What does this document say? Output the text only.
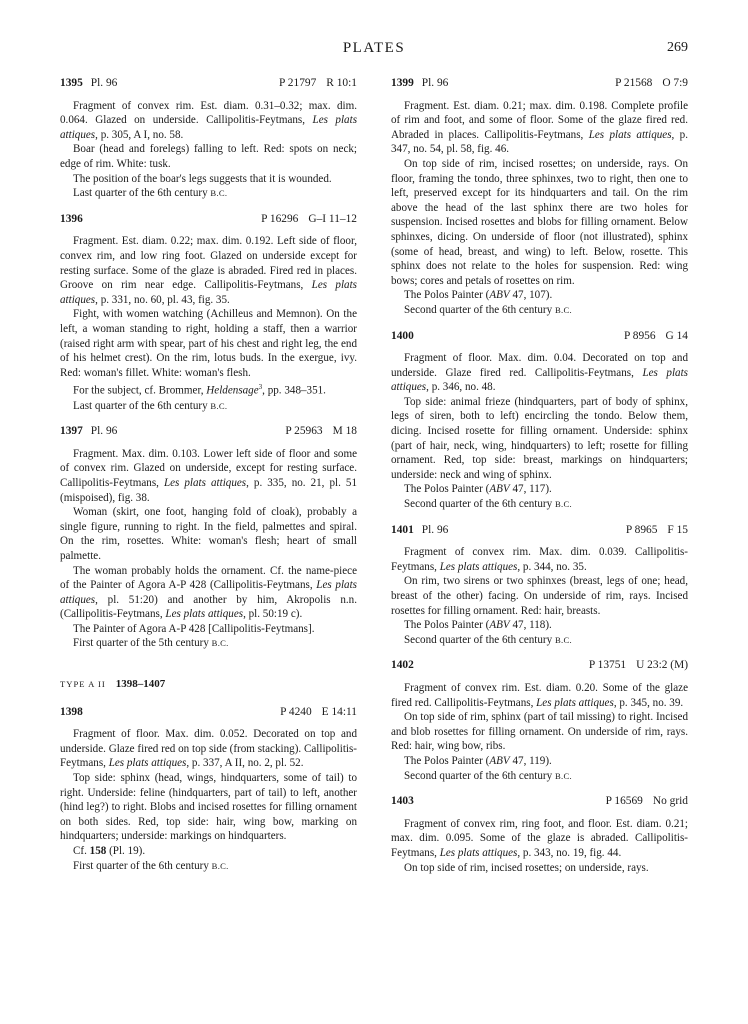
PLATES	269
1395 Pl. 96	P 21797 R 10:1

Fragment of convex rim. Est. diam. 0.31–0.32; max. dim. 0.064. Glazed on underside. Callipolitis-Feytmans, Les plats attiques, p. 305, A I, no. 58.

Boar (head and forelegs) falling to left. Red: spots on neck; edge of rim. White: tusk.

The position of the boar's legs suggests that it is wounded.

Last quarter of the 6th century B.C.

1396	P 16296 G–I 11–12

Fragment. Est. diam. 0.22; max. dim. 0.192. Left side of floor, convex rim, and low ring foot. Glazed on underside except for resting surface. Some of the glaze is abraded. Fired red in places. Groove on rim near edge. Callipolitis-Feytmans, Les plats attiques, p. 331, no. 60, pl. 43, fig. 35.

Fight, with women watching (Achilleus and Memnon). On the left, a woman standing to right, holding a staff, then a warrior (raised right arm with spear, part of his chest and right leg, the end of his helmet crest). On the rim, lotus buds. In the exergue, ivy. Red: woman's fillet. White: woman's flesh.

For the subject, cf. Brommer, Heldensage$^3$, pp. 348–351.

Last quarter of the 6th century B.C.

1397 Pl. 96	P 25963 M 18

Fragment. Max. dim. 0.103. Lower left side of floor and some of convex rim. Glazed on underside, except for resting surface. Callipolitis-Feytmans, Les plats attiques, p. 335, no. 21, pl. 51 (mispoised), fig. 38.

Woman (skirt, one foot, hanging fold of cloak), probably a single figure, running to right. In the field, palmettes and spiral. On the rim, rosettes. White: woman's flesh; heart of small palmette.

The woman probably holds the ornament. Cf. the name-piece of the Painter of Agora A-P 428 (Callipolitis-Feytmans, Les plats attiques, pl. 51:20) and another by him, Akropolis n.n. (Callipolitis-Feytmans, Les plats attiques, pl. 50:19 c).

The Painter of Agora A-P 428 [Callipolitis-Feytmans].

First quarter of the 5th century B.C.

TYPE A II 1398–1407
1398	P 4240 E 14:11

Fragment of floor. Max. dim. 0.052. Decorated on top and underside. Glaze fired red on top side (from stacking). Callipolitis-Feytmans, Les plats attiques, p. 337, A II, no. 2, pl. 52.

Top side: sphinx (head, wings, hindquarters, some of tail) to right. Underside: feline (hindquarters, part of tail) to left, another (hind leg?) to right. Blobs and incised rosettes for filling ornament on both sides. Red, top side: hair, wing bow, marking on hindquarters; underside: markings on hindquarters.

Cf. 158 (Pl. 19).

First quarter of the 6th century B.C.

1399 Pl. 96	P 21568 O 7:9

Fragment. Est. diam. 0.21; max. dim. 0.198. Complete profile of rim and foot, and some of floor. Some of the glaze fired red. Abraded in places. Callipolitis-Feytmans, Les plats attiques, p. 347, no. 54, pl. 58, fig. 46.

On top side of rim, incised rosettes; on underside, rays. On floor, framing the tondo, three sphinxes, two to right, then one to left, preserved except for its hindquarters and tail. On the rim above the head of the last sphinx there are two holes for suspension. Incised rosettes and blobs for filling ornament. Below sphinxes, dicing. On underside of floor (not illustrated), sphinx (some of head, breast, and wing) to left. Below, rosette. This sphinx does not relate to the holes for suspension. Red: wing bows; cores and petals of rosettes on rim.

The Polos Painter (ABV 47, 107).

Second quarter of the 6th century B.C.

1400	P 8956 G 14

Fragment of floor. Max. dim. 0.04. Decorated on top and underside. Glaze fired red. Callipolitis-Feytmans, Les plats attiques, p. 346, no. 48.

Top side: animal frieze (hindquarters, part of body of sphinx, legs of siren, both to left) encircling the tondo. Below them, dicing. Incised rosette for filling ornament. Underside: sphinx (part of hair, neck, wing, hindquarters) to left; rosette for filling ornament. Red, top side: breast, markings on hindquarters; underside: neck and wing of sphinx.

The Polos Painter (ABV 47, 117).

Second quarter of the 6th century B.C.

1401 Pl. 96	P 8965 F 15

Fragment of convex rim. Max. dim. 0.039. Callipolitis-Feytmans, Les plats attiques, p. 344, no. 35.

On rim, two sirens or two sphinxes (breast, legs of one; head, breast of the other) facing. On underside of rim, rays. Incised rosettes for filling ornament. Red: hair, breasts.

The Polos Painter (ABV 47, 118).

Second quarter of the 6th century B.C.

1402	P 13751 U 23:2 (M)

Fragment of convex rim. Est. diam. 0.20. Some of the glaze fired red. Callipolitis-Feytmans, Les plats attiques, p. 345, no. 39.

On top side of rim, sphinx (part of tail missing) to right. Incised and blob rosettes for filling ornament. On underside of rim, rays. Red: hair, wing bow, ribs.

The Polos Painter (ABV 47, 119).

Second quarter of the 6th century B.C.

1403	P 16569 No grid

Fragment of convex rim, ring foot, and floor. Est. diam. 0.21; max. dim. 0.095. Some of the glaze is abraded. Callipolitis-Feytmans, Les plats attiques, p. 343, no. 19, fig. 44.

On top side of rim, incised rosettes; on underside, rays.
